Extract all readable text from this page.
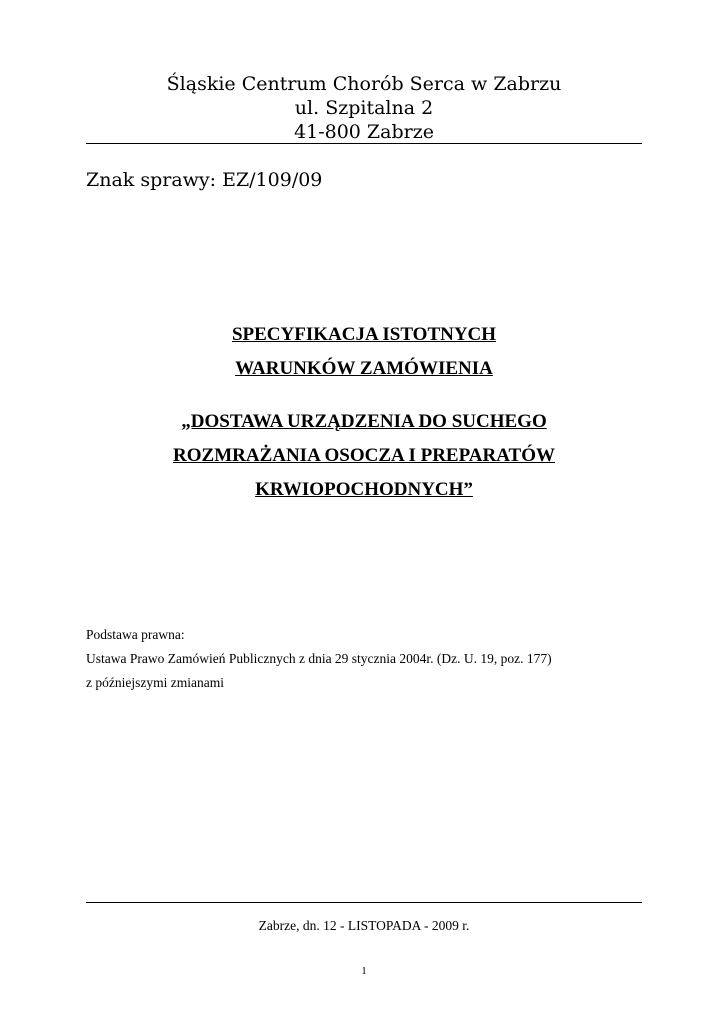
Śląskie Centrum Chorób Serca w Zabrzu
ul. Szpitalna 2
41-800 Zabrze
Znak sprawy: EZ/109/09
SPECYFIKACJA ISTOTNYCH
WARUNKÓW ZAMÓWIENIA
„DOSTAWA URZĄDZENIA DO SUCHEGO
ROZMRAŻANIA OSOCZA I PREPARATÓW
KRWIOPOCHODNYCH”
Podstawa prawna:
Ustawa Prawo Zamówień Publicznych z dnia 29 stycznia 2004r. (Dz. U. 19, poz. 177)
z późniejszymi zmianami
Zabrze, dn. 12 - LISTOPADA - 2009 r.
1
